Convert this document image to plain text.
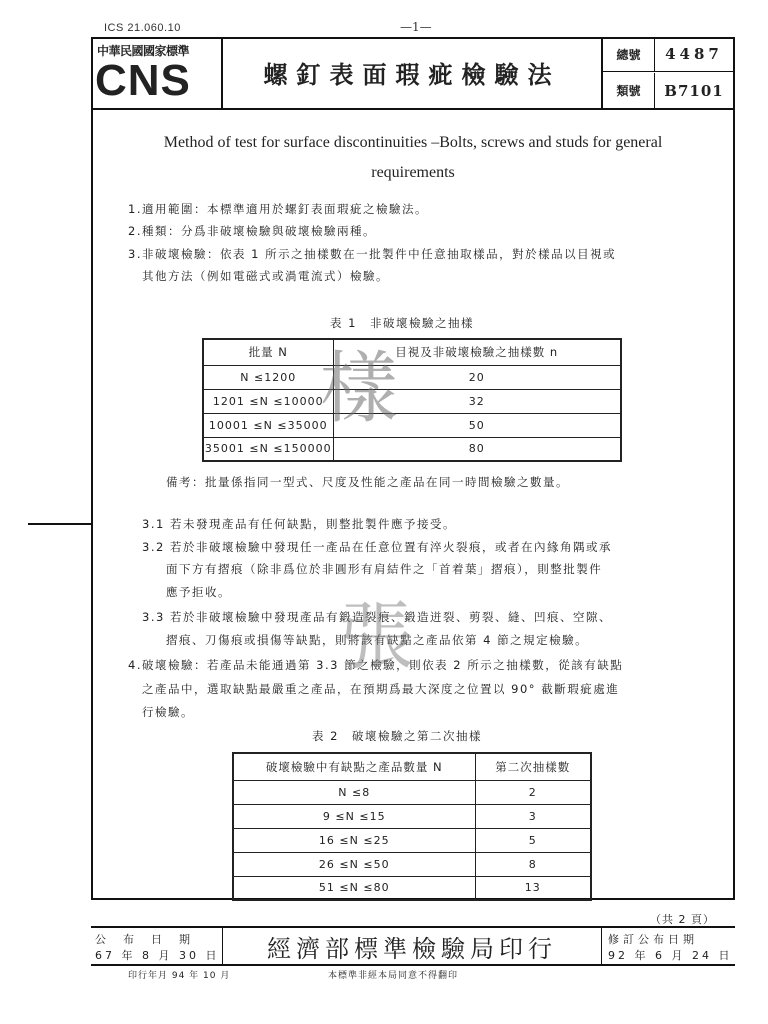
ICS 21.060.10	—1—
中華民國國家標準
CNS	螺釘表面瑕疵檢驗法
總號	4487
類號	B7101
Method of test for surface discontinuities –Bolts, screws and studs for general
requirements
1.適用範圍：本標準適用於螺釘表面瑕疵之檢驗法。
2.種類：分爲非破壞檢驗與破壞檢驗兩種。
3.非破壞檢驗：依表 1 所示之抽樣數在一批製件中任意抽取樣品，對於樣品以目視或
其他方法（例如電磁式或渦電流式）檢驗。
表 1　非破壞檢驗之抽樣
批量 N	目視及非破壞檢驗之抽樣數 n
N ≤1200	20
1201 ≤N ≤10000	32
10001 ≤N ≤35000	50
35001 ≤N ≤150000	80
樣
備考：批量係指同一型式、尺度及性能之產品在同一時間檢驗之數量。
3.1 若未發現產品有任何缺點，則整批製件應予接受。
3.2 若於非破壞檢驗中發現任一產品在任意位置有淬火裂痕，或者在內緣角隅或承
面下方有摺痕（除非爲位於非圓形有肩結件之「首着葉」摺痕），則整批製件
應予拒收。
3.3 若於非破壞檢驗中發現產品有鍛造裂痕、鍛造迸裂、剪裂、縫、凹痕、空隙、
摺痕、刀傷痕或損傷等缺點，則將該有缺點之產品依第 4 節之規定檢驗。
4.破壞檢驗：若產品未能通過第 3.3 節之檢驗，則依表 2 所示之抽樣數，從該有缺點
之產品中，選取缺點最嚴重之產品，在預期爲最大深度之位置以 90° 截斷瑕疵處進
行檢驗。
張
表 2　破壞檢驗之第二次抽樣
破壞檢驗中有缺點之產品數量 N	第二次抽樣數
N ≤8	2
9 ≤N ≤15	3
16 ≤N ≤25	5
26 ≤N ≤50	8
51 ≤N ≤80	13
（共 2 頁）
公布日期
67 年 8 月 30 日	經濟部標準檢驗局印行	修訂公布日期
92 年 6 月 24 日
印行年月 94 年 10 月	本標準非經本局同意不得翻印
